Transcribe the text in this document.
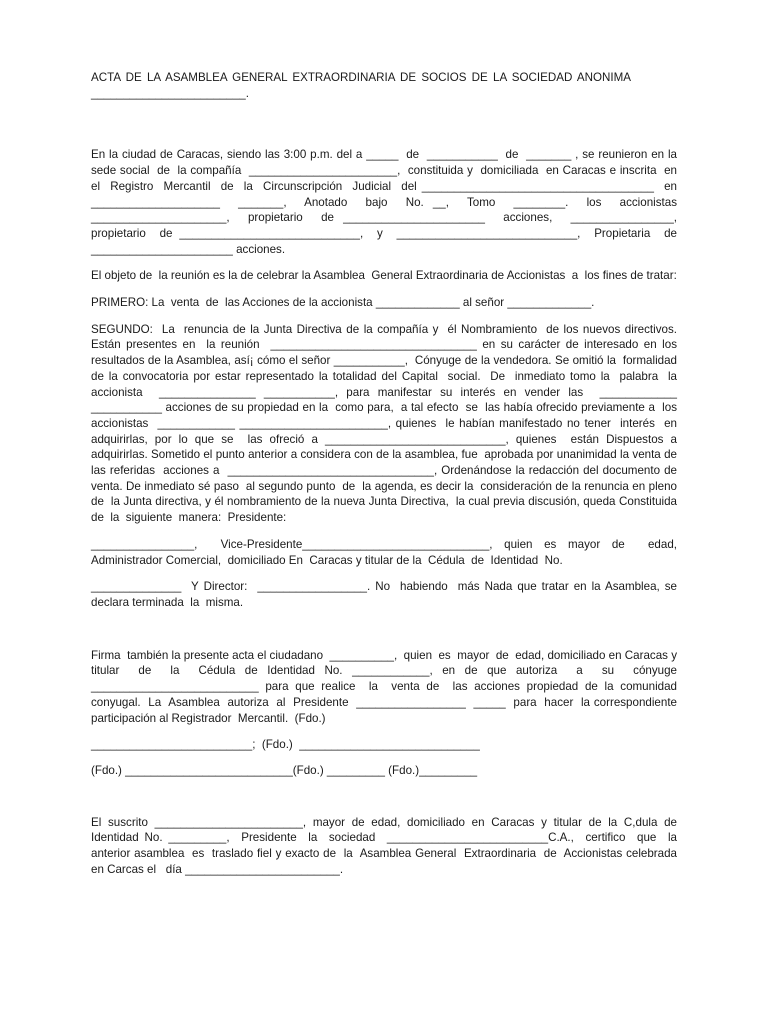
ACTA DE LA ASAMBLEA GENERAL EXTRAORDINARIA DE SOCIOS DE LA SOCIEDAD ANONIMA
________________________.

En la ciudad de Caracas, siendo las 3:00 p.m. del a _____  de  ___________  de  _______ , se reunieron en la sede social  de  la compañía  _______________________,  constituida y  domiciliada  en Caracas e inscrita  en  el  Registro  Mercantil  de  la  Circunscripción  Judicial  del ____________________________________  en  ____________________  _______,  Anotado  bajo  No. __,  Tomo  ________.  los  accionistas  _____________________,  propietario  de ______________________  acciones,  ________________,  propietario  de ____________________________,  y  ____________________________,  Propietaria  de ______________________ acciones.

El objeto de  la reunión es la de celebrar la Asamblea  General Extraordinaria de Accionistas  a  los fines de tratar:

PRIMERO: La  venta  de  las Acciones de la accionista _____________ al señor _____________.

SEGUNDO:  La  renuncia de la Junta Directiva de la compañía y  él Nombramiento  de los nuevos directivos.  Están presentes en  la reunión  ________________________________ en su carácter de interesado en los resultados de la Asamblea, así¡ cómo el señor ___________,  Cónyuge de la vendedora. Se omitió la  formalidad de la convocatoria por estar representado la totalidad del Capital  social.  De  inmediato tomo la  palabra  la  accionista  _______________ ___________, para manifestar su interés en vender las  ____________ ___________ acciones de su propiedad en la  como para,  a tal efecto  se  las había ofrecido previamente a  los accionistas  ____________ _______________________, quienes  le habían manifestado no tener  interés  en adquirirlas, por lo que se  las ofreció a ____________________________, quienes  están Dispuestos a adquirirlas. Sometido el punto anterior a considera con de la asamblea, fue  aprobada por unanimidad la venta de las referidas  acciones a  ________________________________, Ordenándose la redacción del documento de venta. De inmediato sé paso  al segundo punto  de  la agenda, es decir la  consideración de la renuncia en pleno  de  la Junta directiva, y él nombramiento de la nueva Junta Directiva,  la cual previa discusión, queda Constituida  de  la  siguiente  manera:  Presidente:

________________,  Vice-Presidente_____________________________, quien es mayor de  edad, Administrador Comercial,  domiciliado En  Caracas y titular de la  Cédula  de  Identidad  No.

______________  Y Director:  _________________. No  habiendo  más Nada que tratar en la Asamblea, se declara terminada  la  misma.

Firma  también la presente acta el ciudadano  __________,  quien  es  mayor  de  edad, domiciliado en Caracas y  titular  de  la  Cédula de Identidad No. ____________, en de que autoriza  a  su  cónyuge __________________________ para que realice  la  venta de  las acciones propiedad de la comunidad conyugal.  La  Asamblea  autoriza  al  Presidente  _________________  _____  para  hacer  la correspondiente participación al Registrador  Mercantil.  (Fdo.)

_________________________;  (Fdo.)  ____________________________
(Fdo.) __________________________(Fdo.) _________ (Fdo.)_________

El suscrito _______________________, mayor de edad, domiciliado en Caracas y titular de la C,dula de Identidad No. _________,  Presidente  la  sociedad  _________________________C.A.,  certifico  que  la anterior asamblea  es  traslado fiel y exacto de  la  Asamblea General  Extraordinaria  de  Accionistas celebrada   en Carcas el   día ________________________.
